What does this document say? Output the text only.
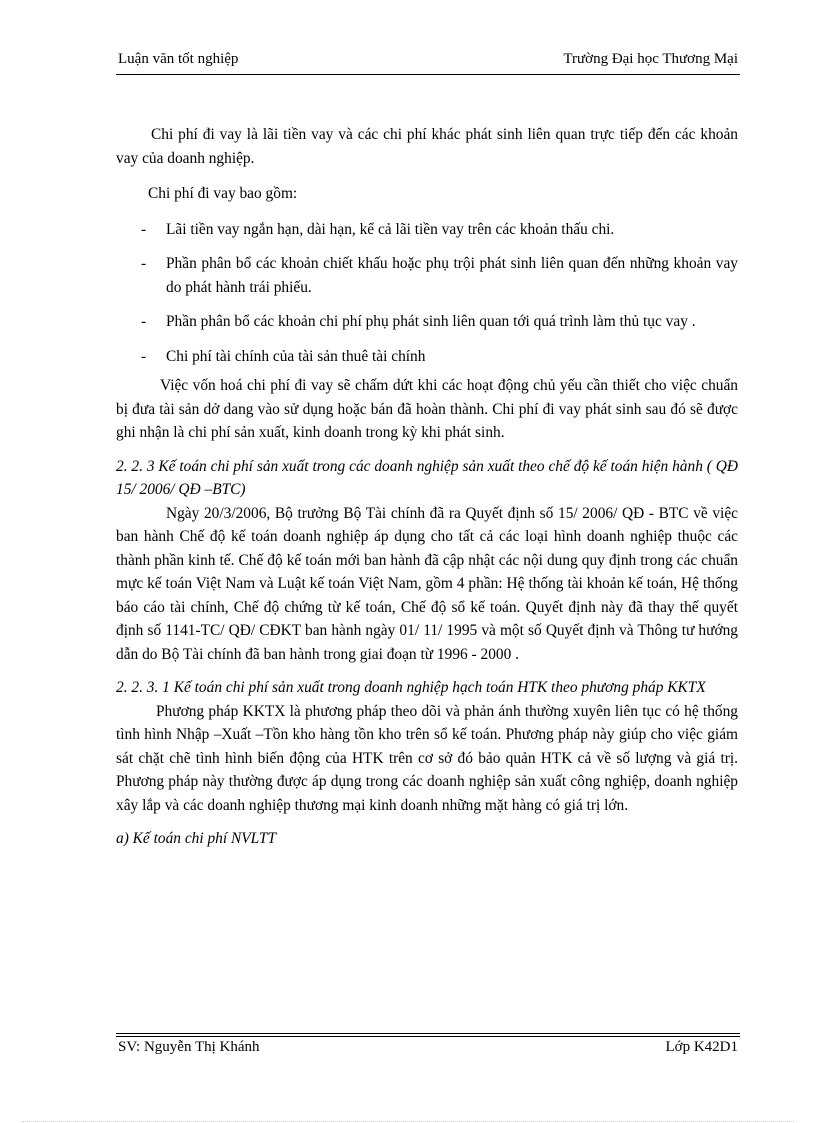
Luận văn tốt nghiệp	Trường Đại học Thương Mại

Chi phí đi vay là lãi tiền vay và các chi phí khác phát sinh liên quan trực tiếp đến các khoản vay của doanh nghiệp.

Chi phí đi vay bao gồm:

- Lãi tiền vay ngắn hạn, dài hạn, kể cả lãi tiền vay trên các khoản thấu chi.

- Phần phân bổ các khoản chiết khấu hoặc phụ trội phát sinh liên quan đến những khoản vay do phát hành trái phiếu.

- Phần phân bổ các khoản chi phí phụ phát sinh liên quan tới quá trình làm thủ tục vay .

- Chi phí tài chính của tài sản thuê tài chính

Việc vốn hoá chi phí đi vay sẽ chấm dứt khi các hoạt động chủ yếu cần thiết cho việc chuẩn bị đưa tài sản dở dang vào sử dụng hoặc bán đã hoàn thành. Chi phí đi vay phát sinh sau đó sẽ được ghi nhận là chi phí sản xuất, kinh doanh trong kỳ khi phát sinh.

2. 2. 3 Kế toán chi phí sản xuất trong các doanh nghiệp sản xuất theo chế độ kế toán hiện hành ( QĐ 15/ 2006/ QĐ –BTC)

Ngày 20/3/2006, Bộ trưởng Bộ Tài chính đã ra Quyết định số 15/ 2006/ QĐ - BTC về việc ban hành Chế độ kế toán doanh nghiệp áp dụng cho tất cả các loại hình doanh nghiệp thuộc các thành phần kinh tế. Chế độ kế toán mới ban hành đã cập nhật các nội dung quy định trong các chuẩn mực kế toán Việt Nam và Luật kế toán Việt Nam, gồm 4 phần: Hệ thống tài khoản kế toán, Hệ thống báo cáo tài chính, Chế độ chứng từ kế toán, Chế độ sổ kế toán. Quyết định này đã thay thế quyết định số 1141-TC/ QĐ/ CĐKT ban hành ngày 01/ 11/ 1995 và một số Quyết định và Thông tư hướng dẫn do Bộ Tài chính đã ban hành trong giai đoạn từ 1996 - 2000 .

2. 2. 3. 1 Kế toán chi phí sản xuất trong doanh nghiệp hạch toán HTK theo phương pháp KKTX

Phương pháp KKTX là phương pháp theo dõi và phản ánh thường xuyên liên tục có hệ thống tình hình Nhập –Xuất –Tồn kho hàng tồn kho trên sổ kế toán. Phương pháp này giúp cho việc giám sát chặt chẽ tình hình biến động của HTK trên cơ sở đó bảo quản HTK cả về số lượng và giá trị. Phương pháp này thường được áp dụng trong các doanh nghiệp sản xuất công nghiệp, doanh nghiệp xây lắp và các doanh nghiệp thương mại kinh doanh những mặt hàng có giá trị lớn.

a) Kế toán chi phí NVLTT

SV: Nguyễn Thị Khánh	Lớp K42D1
